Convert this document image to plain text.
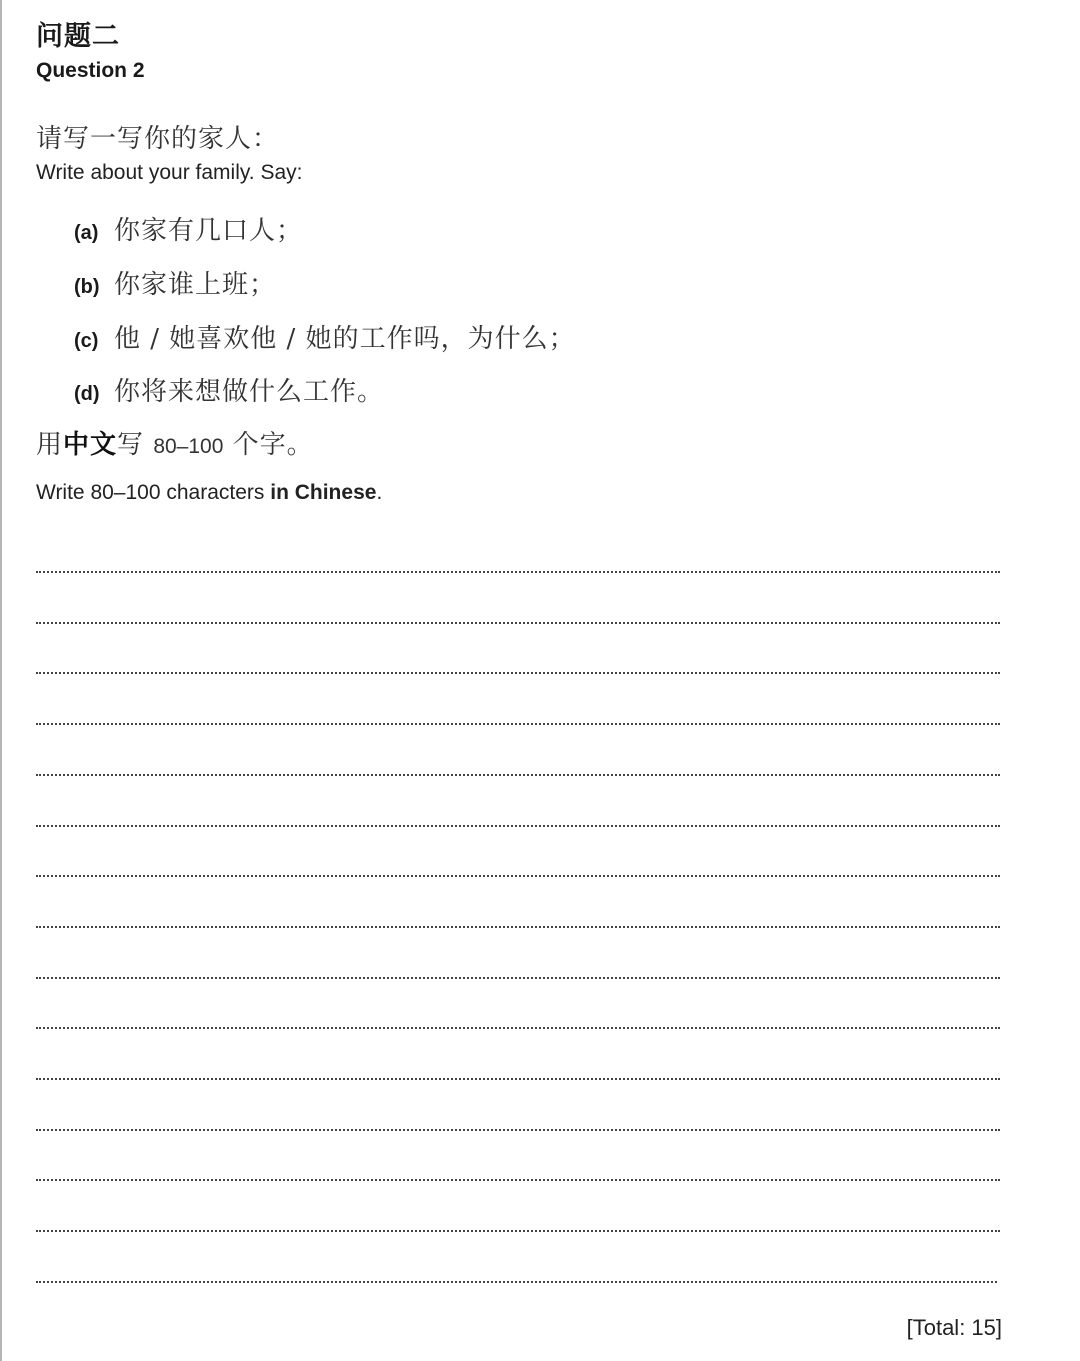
问题二
Question 2
请写一写你的家人：
Write about your family. Say:
(a) 你家有几口人；
(b) 你家谁上班；
(c) 他 / 她喜欢他 / 她的工作吗，为什么；
(d) 你将来想做什么工作。
用中文写 80–100 个字。
Write 80–100 characters in Chinese.
[Total: 15]
